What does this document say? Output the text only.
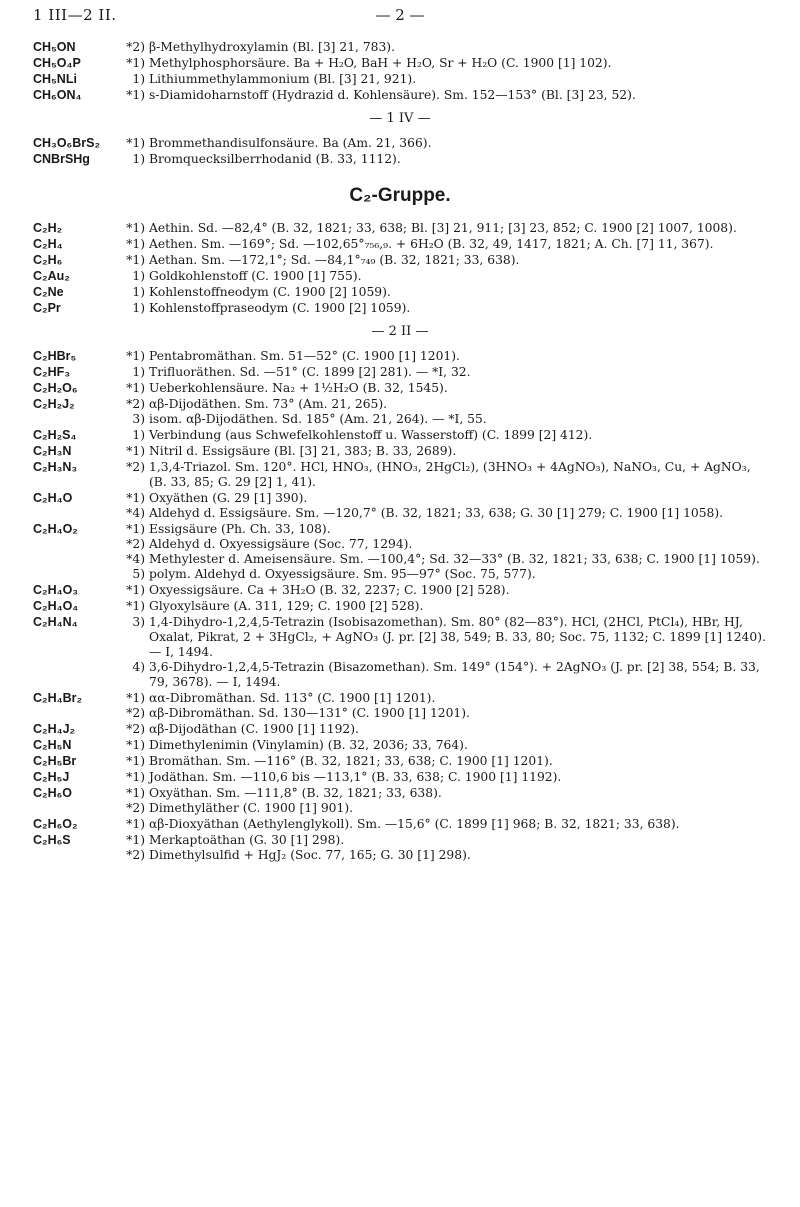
1 III—2 II.	— 2 —
CH₅ON	*2) β-Methylhydroxylamin (Bl. [3] 21, 783).
CH₅O₄P	*1) Methylphosphorsäure. Ba + H₂O, BaH + H₂O, Sr + H₂O (C. 1900 [1] 102).
CH₅NLi	1) Lithiummethylammonium (Bl. [3] 21, 921).
CH₆ON₄	*1) s-Diamidoharnstoff (Hydrazid d. Kohlensäure). Sm. 152—153° (Bl. [3] 23, 52).
— 1 IV —
CH₃O₆BrS₂	*1) Brommethandisulfonsäure. Ba (Am. 21, 366).
CNBrSHg	1) Bromquecksilberrhodanid (B. 33, 1112).
C₂-Gruppe.
C₂H₂	*1) Aethin. Sd. —82,4° (B. 32, 1821; 33, 638; Bl. [3] 21, 911; [3] 23, 852; C. 1900 [2] 1007, 1008).
C₂H₄	*1) Aethen. Sm. —169°; Sd. —102,65°₇₅₆,₉. + 6H₂O (B. 32, 49, 1417, 1821; A. Ch. [7] 11, 367).
C₂H₆	*1) Aethan. Sm. —172,1°; Sd. —84,1°₇₄₉ (B. 32, 1821; 33, 638).
C₂Au₂	1) Goldkohlenstoff (C. 1900 [1] 755).
C₂Ne	1) Kohlenstoffneodym (C. 1900 [2] 1059).
C₂Pr	1) Kohlenstoffpraseodym (C. 1900 [2] 1059).
— 2 II —
C₂HBr₅	*1) Pentabromäthan. Sm. 51—52° (C. 1900 [1] 1201).
C₂HF₃	1) Trifluoräthen. Sd. —51° (C. 1899 [2] 281). — *I, 32.
C₂H₂O₆	*1) Ueberkohlensäure. Na₂ + 1½H₂O (B. 32, 1545).
C₂H₂J₂	*2) αβ-Dijodäthen. Sm. 73° (Am. 21, 265).
3) isom. αβ-Dijodäthen. Sd. 185° (Am. 21, 264). — *I, 55.
C₂H₂S₄	1) Verbindung (aus Schwefelkohlenstoff u. Wasserstoff) (C. 1899 [2] 412).
C₂H₃N	*1) Nitril d. Essigsäure (Bl. [3] 21, 383; B. 33, 2689).
C₂H₃N₃	*2) 1,3,4-Triazol. Sm. 120°. HCl, HNO₃, (HNO₃, 2HgCl₂), (3HNO₃ + 4AgNO₃), NaNO₃, Cu, + AgNO₃, (B. 33, 85; G. 29 [2] 1, 41).
C₂H₄O	*1) Oxyäthen (G. 29 [1] 390).
*4) Aldehyd d. Essigsäure. Sm. —120,7° (B. 32, 1821; 33, 638; G. 30 [1] 279; C. 1900 [1] 1058).
C₂H₄O₂	*1) Essigsäure (Ph. Ch. 33, 108).
*2) Aldehyd d. Oxyessigsäure (Soc. 77, 1294).
*4) Methylester d. Ameisensäure. Sm. —100,4°; Sd. 32—33° (B. 32, 1821; 33, 638; C. 1900 [1] 1059).
5) polym. Aldehyd d. Oxyessigsäure. Sm. 95—97° (Soc. 75, 577).
C₂H₄O₃	*1) Oxyessigsäure. Ca + 3H₂O (B. 32, 2237; C. 1900 [2] 528).
C₂H₄O₄	*1) Glyoxylsäure (A. 311, 129; C. 1900 [2] 528).
C₂H₄N₄	3) 1,4-Dihydro-1,2,4,5-Tetrazin (Isobisazomethan). Sm. 80° (82—83°). HCl, (2HCl, PtCl₄), HBr, HJ, Oxalat, Pikrat, 2 + 3HgCl₂, + AgNO₃ (J. pr. [2] 38, 549; B. 33, 80; Soc. 75, 1132; C. 1899 [1] 1240). — I, 1494.
4) 3,6-Dihydro-1,2,4,5-Tetrazin (Bisazomethan). Sm. 149° (154°). + 2AgNO₃ (J. pr. [2] 38, 554; B. 33, 79, 3678). — I, 1494.
C₂H₄Br₂	*1) αα-Dibromäthan. Sd. 113° (C. 1900 [1] 1201).
*2) αβ-Dibromäthan. Sd. 130—131° (C. 1900 [1] 1201).
C₂H₄J₂	*2) αβ-Dijodäthan (C. 1900 [1] 1192).
C₂H₅N	*1) Dimethylenimin (Vinylamin) (B. 32, 2036; 33, 764).
C₂H₅Br	*1) Bromäthan. Sm. —116° (B. 32, 1821; 33, 638; C. 1900 [1] 1201).
C₂H₅J	*1) Jodäthan. Sm. —110,6 bis —113,1° (B. 33, 638; C. 1900 [1] 1192).
C₂H₆O	*1) Oxyäthan. Sm. —111,8° (B. 32, 1821; 33, 638).
*2) Dimethyläther (C. 1900 [1] 901).
C₂H₆O₂	*1) αβ-Dioxyäthan (Aethylenglykoll). Sm. —15,6° (C. 1899 [1] 968; B. 32, 1821; 33, 638).
C₂H₆S	*1) Merkaptoäthan (G. 30 [1] 298).
*2) Dimethylsulfid + HgJ₂ (Soc. 77, 165; G. 30 [1] 298).
